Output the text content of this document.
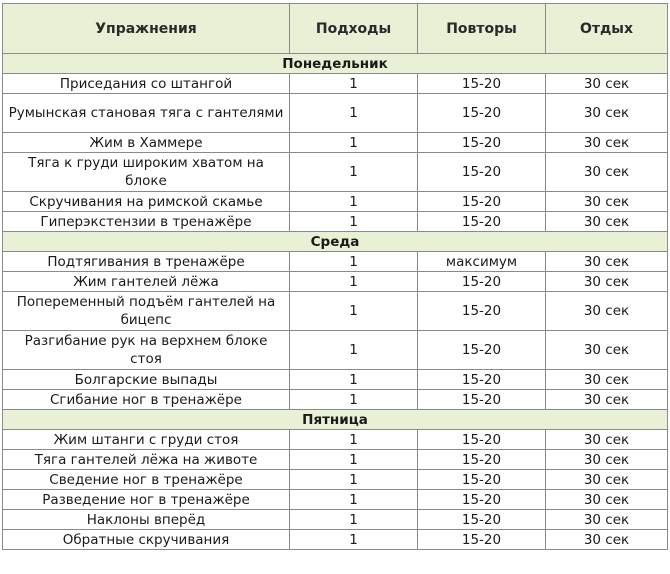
Упражнения	Подходы	Повторы	Отдых
Понедельник			
Приседания со штангой	1	15-20	30 сек
Румынская становая тяга с гантелями	1	15-20	30 сек
Жим в Хаммере	1	15-20	30 сек
Тяга к груди широким хватом на блоке	1	15-20	30 сек
Скручивания на римской скамье	1	15-20	30 сек
Гиперэкстензии в тренажёре	1	15-20	30 сек
Среда			
Подтягивания в тренажёре	1	максимум	30 сек
Жим гантелей лёжа	1	15-20	30 сек
Попеременный подъём гантелей на бицепс	1	15-20	30 сек
Разгибание рук на верхнем блоке стоя	1	15-20	30 сек
Болгарские выпады	1	15-20	30 сек
Сгибание ног в тренажёре	1	15-20	30 сек
Пятница			
Жим штанги с груди стоя	1	15-20	30 сек
Тяга гантелей лёжа на животе	1	15-20	30 сек
Сведение ног в тренажёре	1	15-20	30 сек
Разведение ног в тренажёре	1	15-20	30 сек
Наклоны вперёд	1	15-20	30 сек
Обратные скручивания	1	15-20	30 сек
